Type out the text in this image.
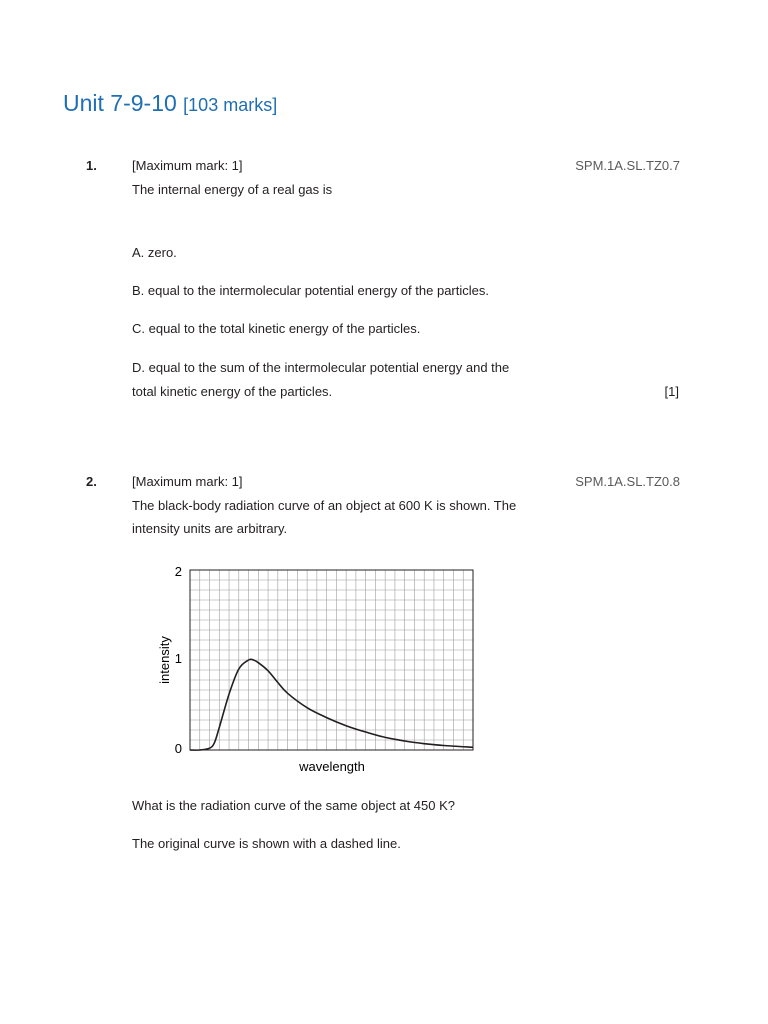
Unit 7-9-10 [103 marks]
1.	[Maximum mark: 1]	SPM.1A.SL.TZ0.7
The internal energy of a real gas is
A. zero.
B. equal to the intermolecular potential energy of the particles.
C. equal to the total kinetic energy of the particles.
D. equal to the sum of the intermolecular potential energy and the
total kinetic energy of the particles.	[1]
2.	[Maximum mark: 1]	SPM.1A.SL.TZ0.8
The black-body radiation curve of an object at 600 K is shown. The
intensity units are arbitrary.
0
1
2
wavelength
intensity
What is the radiation curve of the same object at 450 K?
The original curve is shown with a dashed line.
